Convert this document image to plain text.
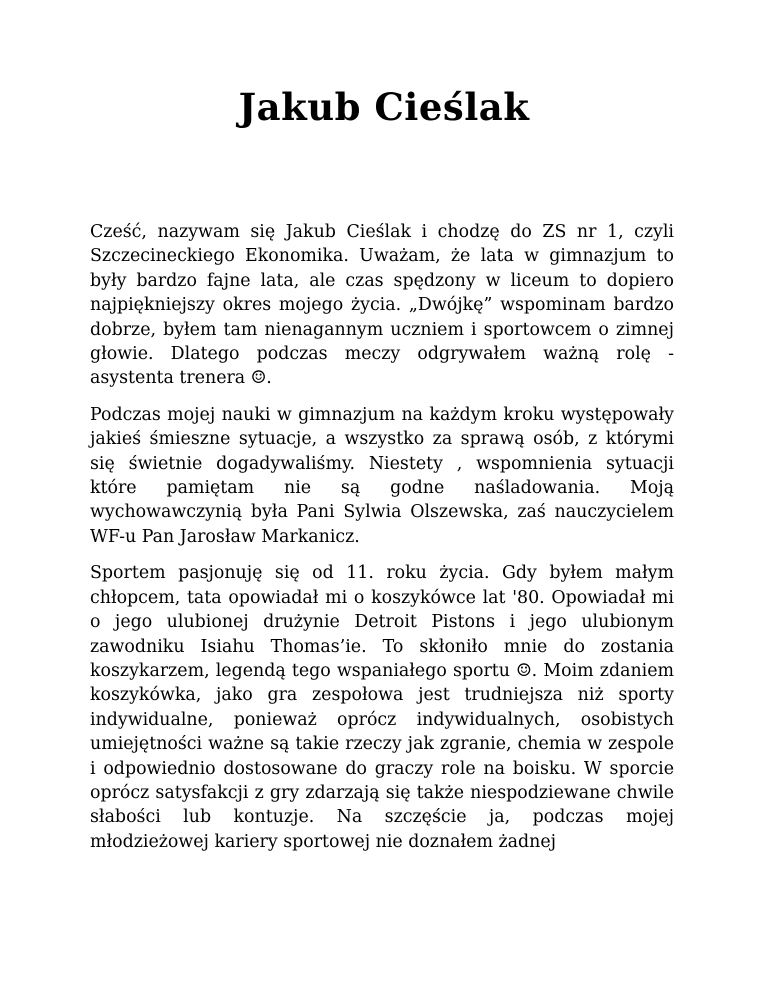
Jakub Cieślak

Cześć, nazywam się Jakub Cieślak i chodzę do ZS nr 1, czyli Szczecineckiego Ekonomika. Uważam, że lata w gimnazjum to były bardzo fajne lata, ale czas spędzony w liceum to dopiero najpiękniejszy okres mojego życia. „Dwójkę” wspominam bardzo dobrze, byłem tam nienagannym uczniem i sportowcem o zimnej głowie. Dlatego podczas meczy odgrywałem ważną rolę - asystenta trenera ☺.

Podczas mojej nauki w gimnazjum na każdym kroku występowały jakieś śmieszne sytuacje, a wszystko za sprawą osób, z którymi się świetnie dogadywaliśmy. Niestety , wspomnienia sytuacji które pamiętam nie są godne naśladowania. Moją wychowawczynią była Pani Sylwia Olszewska, zaś nauczycielem WF-u Pan Jarosław Markanicz.

Sportem pasjonuję się od 11. roku życia. Gdy byłem małym chłopcem, tata opowiadał mi o koszykówce lat '80. Opowiadał mi o jego ulubionej drużynie Detroit Pistons i jego ulubionym zawodniku Isiahu Thomas’ie. To skłoniło mnie do zostania koszykarzem, legendą tego wspaniałego sportu ☺. Moim zdaniem koszykówka, jako gra zespołowa jest trudniejsza niż sporty indywidualne, ponieważ oprócz indywidualnych, osobistych umiejętności ważne są takie rzeczy jak zgranie, chemia w zespole i odpowiednio dostosowane do graczy role na boisku. W sporcie oprócz satysfakcji z gry zdarzają się także niespodziewane chwile słabości lub kontuzje. Na szczęście ja, podczas mojej młodzieżowej kariery sportowej nie doznałem żadnej
